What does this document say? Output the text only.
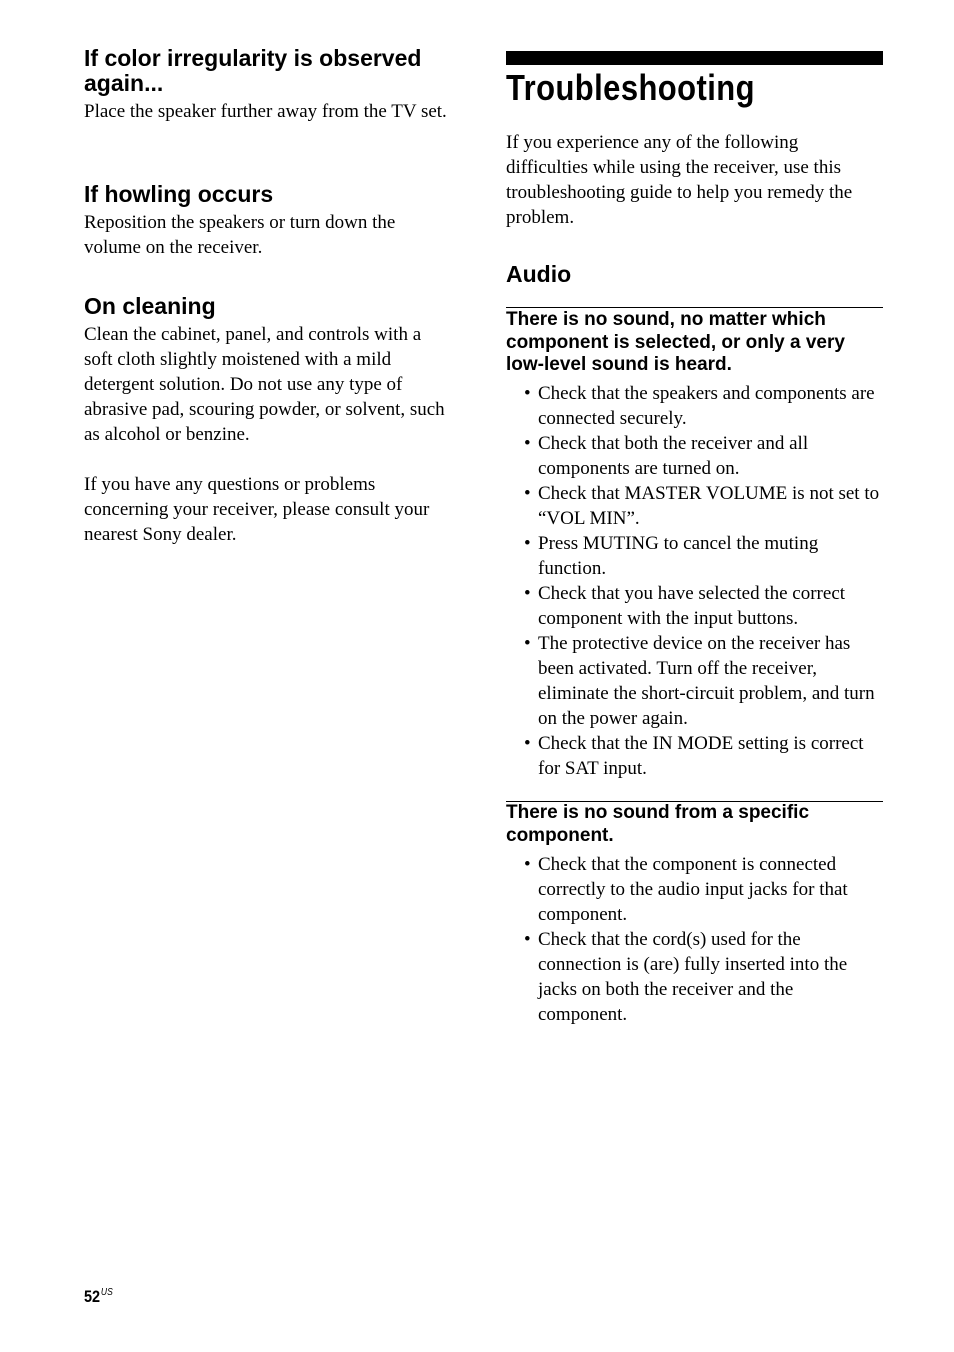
If color irregularity is observed again...

Place the speaker further away from the TV set.

If howling occurs

Reposition the speakers or turn down the volume on the receiver.

On cleaning

Clean the cabinet, panel, and controls with a soft cloth slightly moistened with a mild detergent solution. Do not use any type of abrasive pad, scouring powder, or solvent, such as alcohol or benzine.

If you have any questions or problems concerning your receiver, please consult your nearest Sony dealer.

Troubleshooting

If you experience any of the following difficulties while using the receiver, use this troubleshooting guide to help you remedy the problem.

Audio
There is no sound, no matter which component is selected, or only a very low-level sound is heard.
• Check that the speakers and components are connected securely.
• Check that both the receiver and all components are turned on.
• Check that MASTER VOLUME is not set to “VOL MIN”.
• Press MUTING to cancel the muting function.
• Check that you have selected the correct component with the input buttons.
• The protective device on the receiver has been activated. Turn off the receiver, eliminate the short-circuit problem, and turn on the power again.
• Check that the IN MODE setting is correct for SAT input.
There is no sound from a specific component.
• Check that the component is connected correctly to the audio input jacks for that component.
• Check that the cord(s) used for the connection is (are) fully inserted into the jacks on both the receiver and the component.
$52^{US}$
